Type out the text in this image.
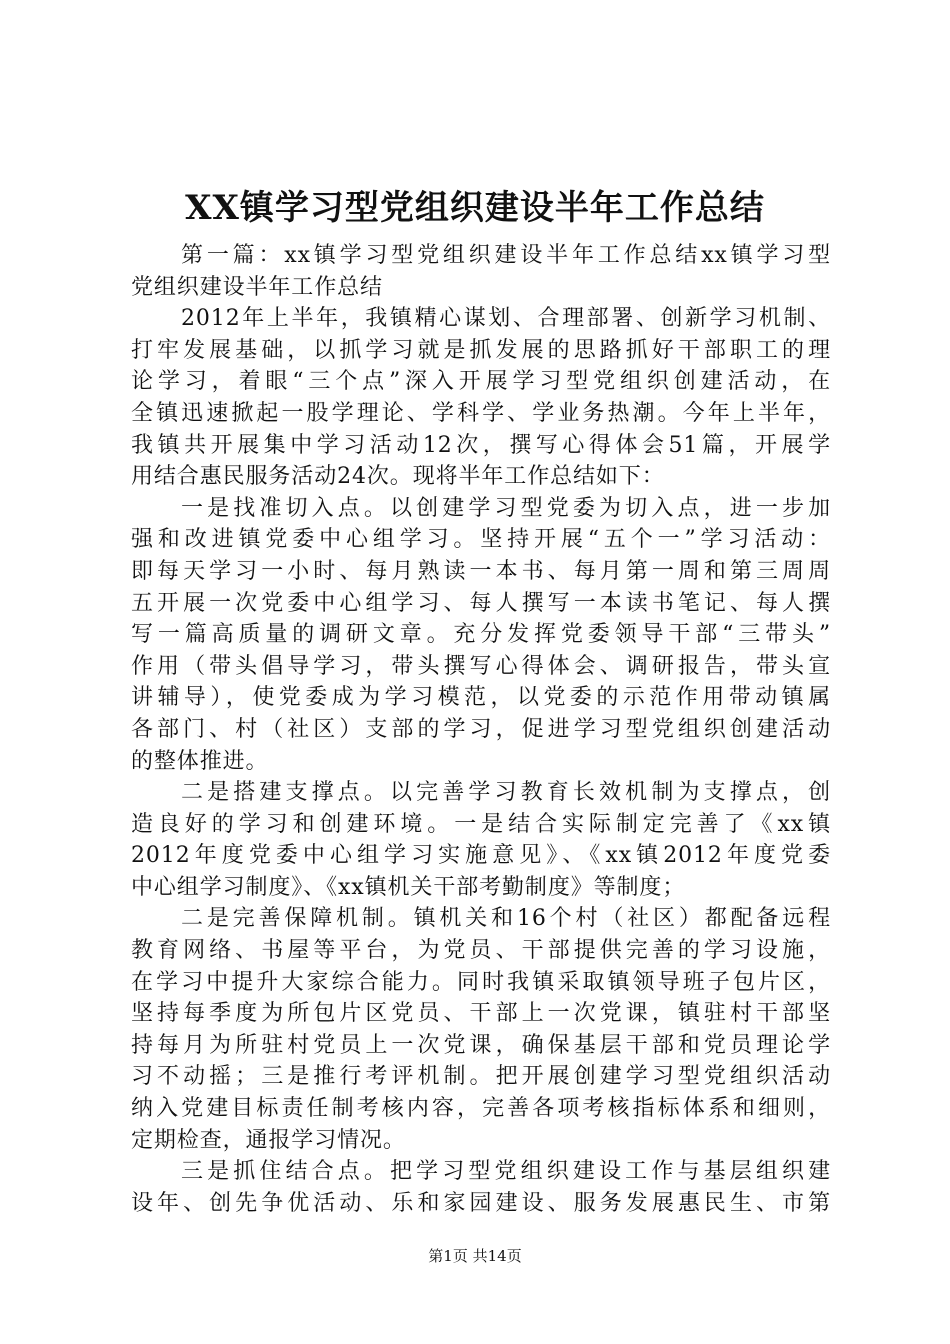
XX镇学习型党组织建设半年工作总结
第一篇：xx镇学习型党组织建设半年工作总结xx镇学习型
党组织建设半年工作总结
2012年上半年，我镇精心谋划、合理部署、创新学习机制、
打牢发展基础，以抓学习就是抓发展的思路抓好干部职工的理
论学习，着眼“三个点”深入开展学习型党组织创建活动，在
全镇迅速掀起一股学理论、学科学、学业务热潮。今年上半年，
我镇共开展集中学习活动12次，撰写心得体会51篇，开展学
用结合惠民服务活动24次。现将半年工作总结如下：
一是找准切入点。以创建学习型党委为切入点，进一步加
强和改进镇党委中心组学习。坚持开展“五个一”学习活动：
即每天学习一小时、每月熟读一本书、每月第一周和第三周周
五开展一次党委中心组学习、每人撰写一本读书笔记、每人撰
写一篇高质量的调研文章。充分发挥党委领导干部“三带头”
作用（带头倡导学习，带头撰写心得体会、调研报告，带头宣
讲辅导），使党委成为学习模范，以党委的示范作用带动镇属
各部门、村（社区）支部的学习，促进学习型党组织创建活动
的整体推进。
二是搭建支撑点。以完善学习教育长效机制为支撑点，创
造良好的学习和创建环境。一是结合实际制定完善了《xx镇
2012年度党委中心组学习实施意见》、《xx镇2012年度党委
中心组学习制度》、《xx镇机关干部考勤制度》等制度；
二是完善保障机制。镇机关和16个村（社区）都配备远程
教育网络、书屋等平台，为党员、干部提供完善的学习设施，
在学习中提升大家综合能力。同时我镇采取镇领导班子包片区，
坚持每季度为所包片区党员、干部上一次党课，镇驻村干部坚
持每月为所驻村党员上一次党课，确保基层干部和党员理论学
习不动摇；三是推行考评机制。把开展创建学习型党组织活动
纳入党建目标责任制考核内容，完善各项考核指标体系和细则，
定期检查，通报学习情况。
三是抓住结合点。把学习型党组织建设工作与基层组织建
设年、创先争优活动、乐和家园建设、服务发展惠民生、市第
第1页 共14页
